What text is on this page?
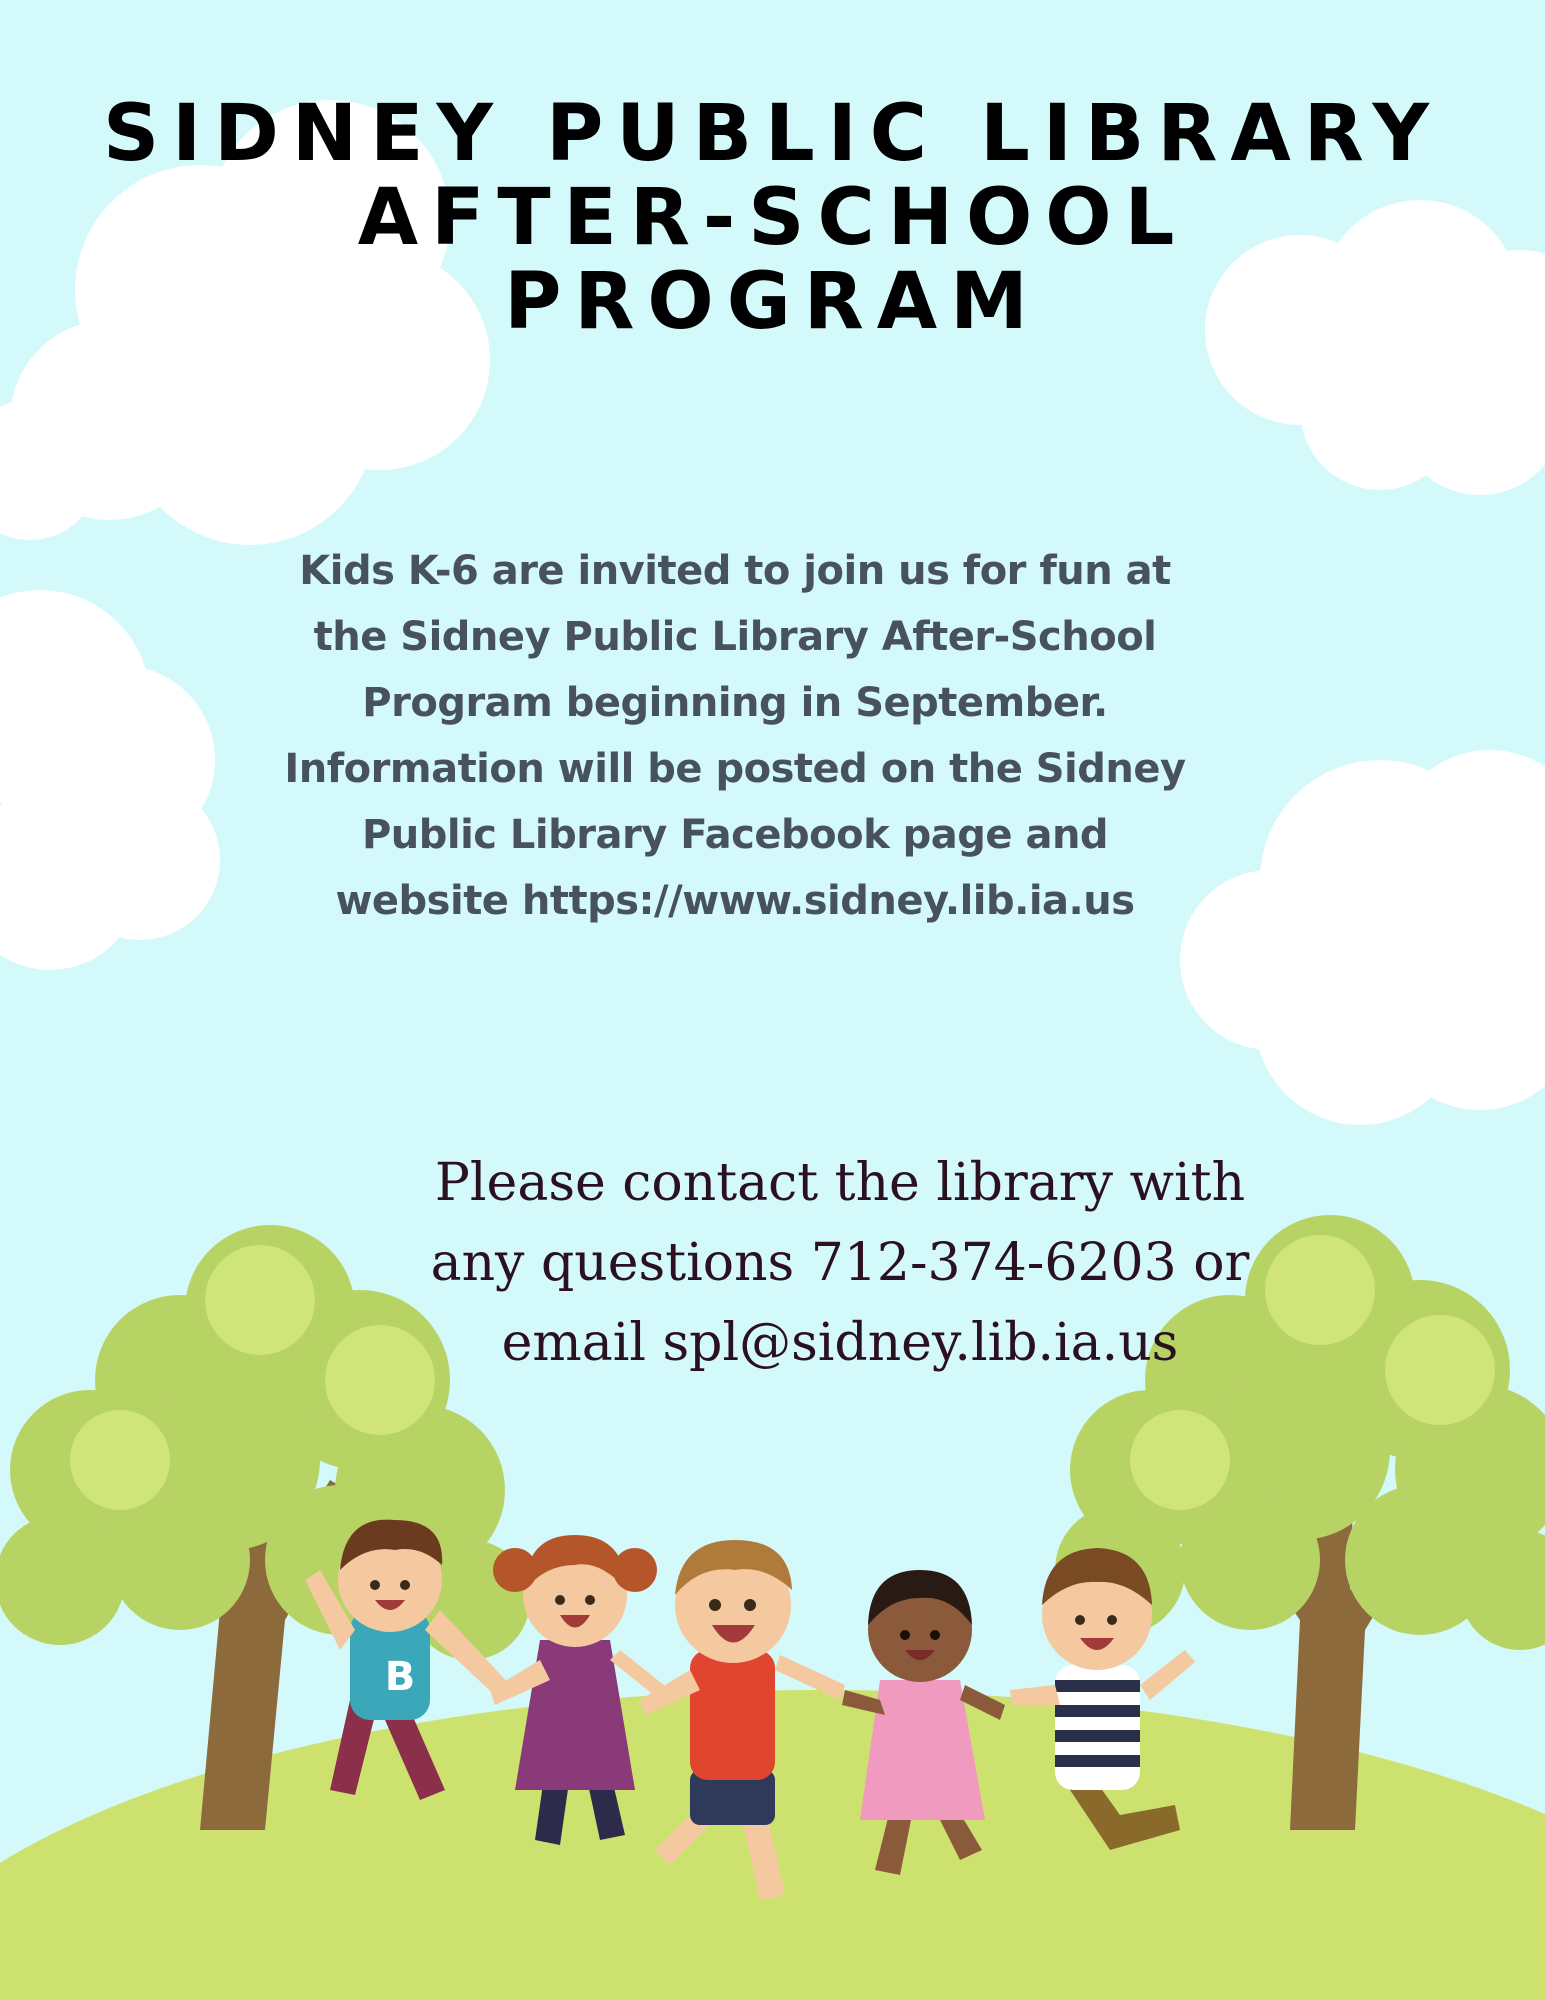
B
SIDNEY PUBLIC LIBRARY
AFTER-SCHOOL
PROGRAM

Kids K-6 are invited to join us for fun at
the Sidney Public Library After-School
Program beginning in September.
Information will be posted on the Sidney
Public Library Facebook page and
website https://www.sidney.lib.ia.us

Please contact the library with
any questions 712-374-6203 or
email spl@sidney.lib.ia.us
